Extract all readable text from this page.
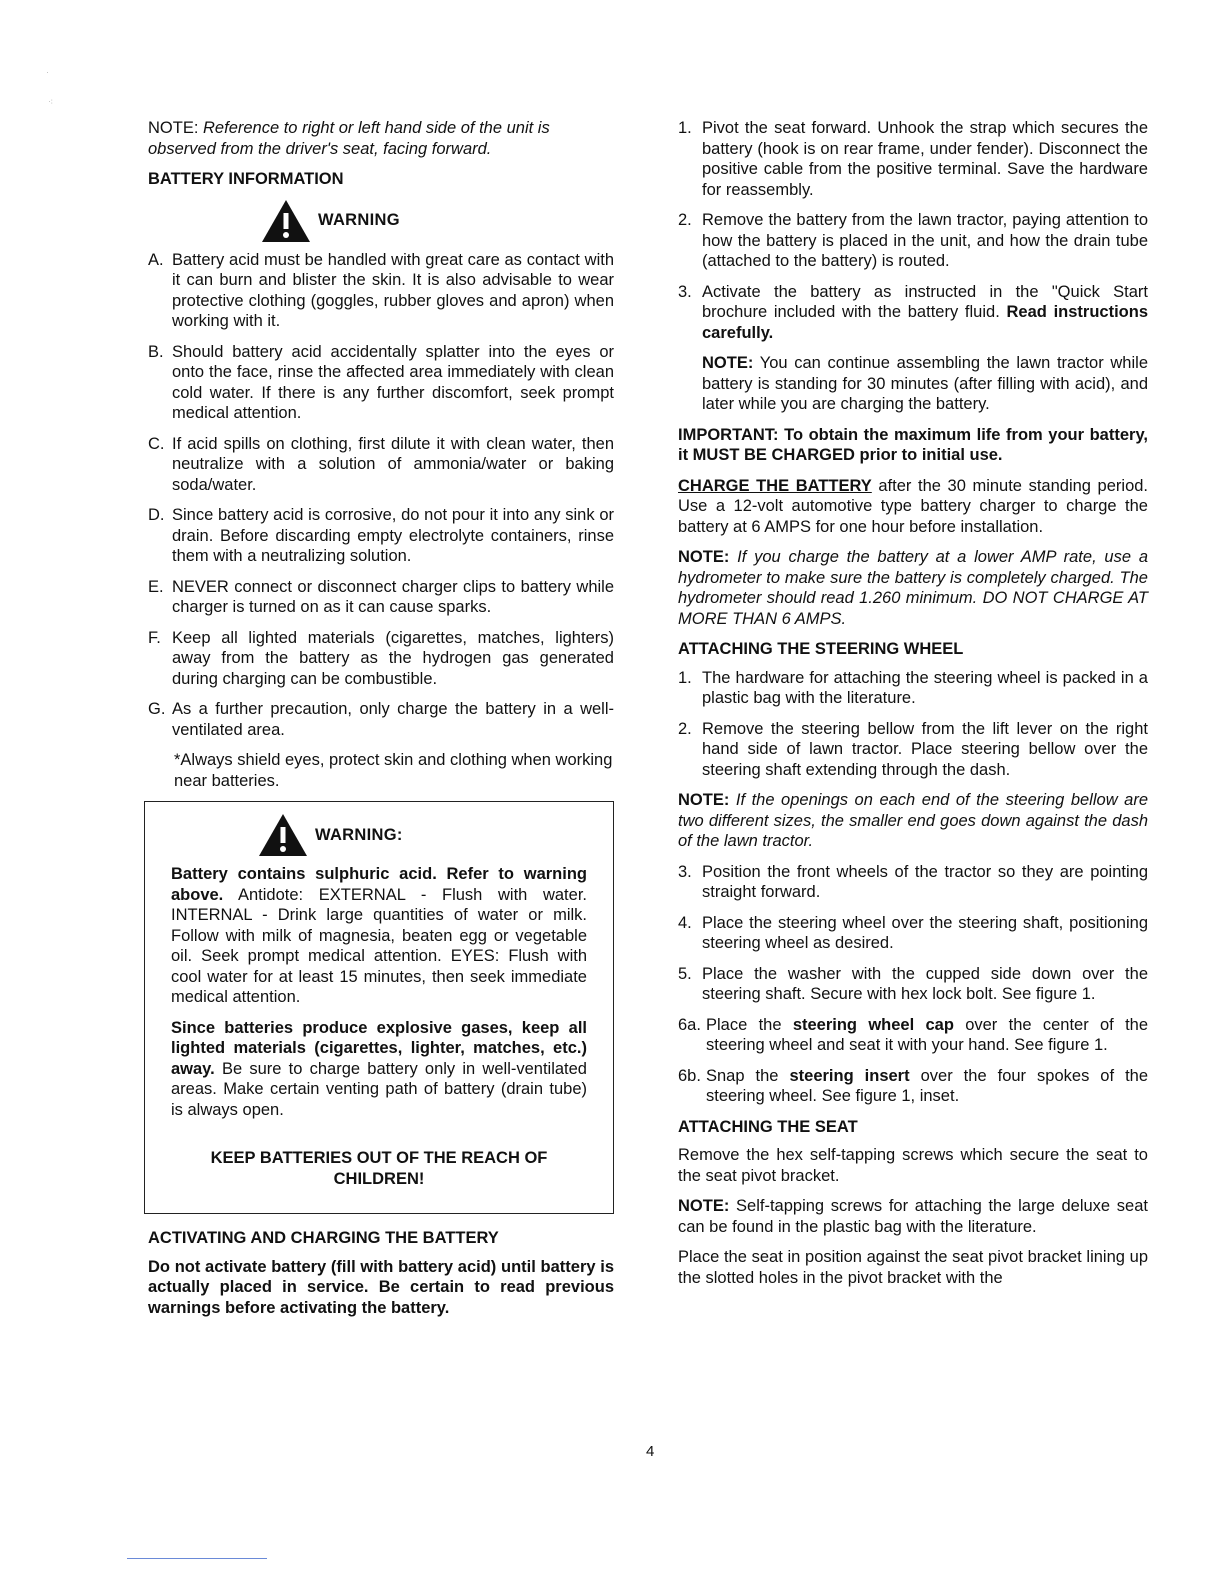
NOTE: Reference to right or left hand side of the unit is observed from the driver's seat, facing forward.

BATTERY INFORMATION
WARNING
A. Battery acid must be handled with great care as contact with it can burn and blister the skin. It is also advisable to wear protective clothing (goggles, rubber gloves and apron) when working with it.
B. Should battery acid accidentally splatter into the eyes or onto the face, rinse the affected area immediately with clean cold water. If there is any further discomfort, seek prompt medical attention.
C. If acid spills on clothing, first dilute it with clean water, then neutralize with a solution of ammonia/water or baking soda/water.
D. Since battery acid is corrosive, do not pour it into any sink or drain. Before discarding empty electrolyte containers, rinse them with a neutralizing solution.
E. NEVER connect or disconnect charger clips to battery while charger is turned on as it can cause sparks.
F. Keep all lighted materials (cigarettes, matches, lighters) away from the battery as the hydrogen gas generated during charging can be combustible.
G. As a further precaution, only charge the battery in a well-ventilated area.

*Always shield eyes, protect skin and clothing when working near batteries.

WARNING:

Battery contains sulphuric acid. Refer to warning above. Antidote: EXTERNAL - Flush with water. INTERNAL - Drink large quantities of water or milk. Follow with milk of magnesia, beaten egg or vegetable oil. Seek prompt medical attention. EYES: Flush with cool water for at least 15 minutes, then seek immediate medical attention.

Since batteries produce explosive gases, keep all lighted materials (cigarettes, lighter, matches, etc.) away. Be sure to charge battery only in well-ventilated areas. Make certain venting path of battery (drain tube) is always open.

KEEP BATTERIES OUT OF THE REACH OF CHILDREN!

ACTIVATING AND CHARGING THE BATTERY

Do not activate battery (fill with battery acid) until battery is actually placed in service. Be certain to read previous warnings before activating the battery.

1. Pivot the seat forward. Unhook the strap which secures the battery (hook is on rear frame, under fender). Disconnect the positive cable from the positive terminal. Save the hardware for reassembly.
2. Remove the battery from the lawn tractor, paying attention to how the battery is placed in the unit, and how the drain tube (attached to the battery) is routed.
3. Activate the battery as instructed in the "Quick Start brochure included with the battery fluid. Read instructions carefully.
NOTE: You can continue assembling the lawn tractor while battery is standing for 30 minutes (after filling with acid), and later while you are charging the battery.

IMPORTANT: To obtain the maximum life from your battery, it MUST BE CHARGED prior to initial use.

CHARGE THE BATTERY after the 30 minute standing period. Use a 12-volt automotive type battery charger to charge the battery at 6 AMPS for one hour before installation.

NOTE: If you charge the battery at a lower AMP rate, use a hydrometer to make sure the battery is completely charged. The hydrometer should read 1.260 minimum. DO NOT CHARGE AT MORE THAN 6 AMPS.

ATTACHING THE STEERING WHEEL
1. The hardware for attaching the steering wheel is packed in a plastic bag with the literature.
2. Remove the steering bellow from the lift lever on the right hand side of lawn tractor. Place steering bellow over the steering shaft extending through the dash.

NOTE: If the openings on each end of the steering bellow are two different sizes, the smaller end goes down against the dash of the lawn tractor.

3. Position the front wheels of the tractor so they are pointing straight forward.
4. Place the steering wheel over the steering shaft, positioning steering wheel as desired.
5. Place the washer with the cupped side down over the steering shaft. Secure with hex lock bolt. See figure 1.
6a. Place the steering wheel cap over the center of the steering wheel and seat it with your hand. See figure 1.
6b. Snap the steering insert over the four spokes of the steering wheel. See figure 1, inset.
ATTACHING THE SEAT

Remove the hex self-tapping screws which secure the seat to the seat pivot bracket.

NOTE: Self-tapping screws for attaching the large deluxe seat can be found in the plastic bag with the literature.

Place the seat in position against the seat pivot bracket lining up the slotted holes in the pivot bracket with the

4
·
⁖
